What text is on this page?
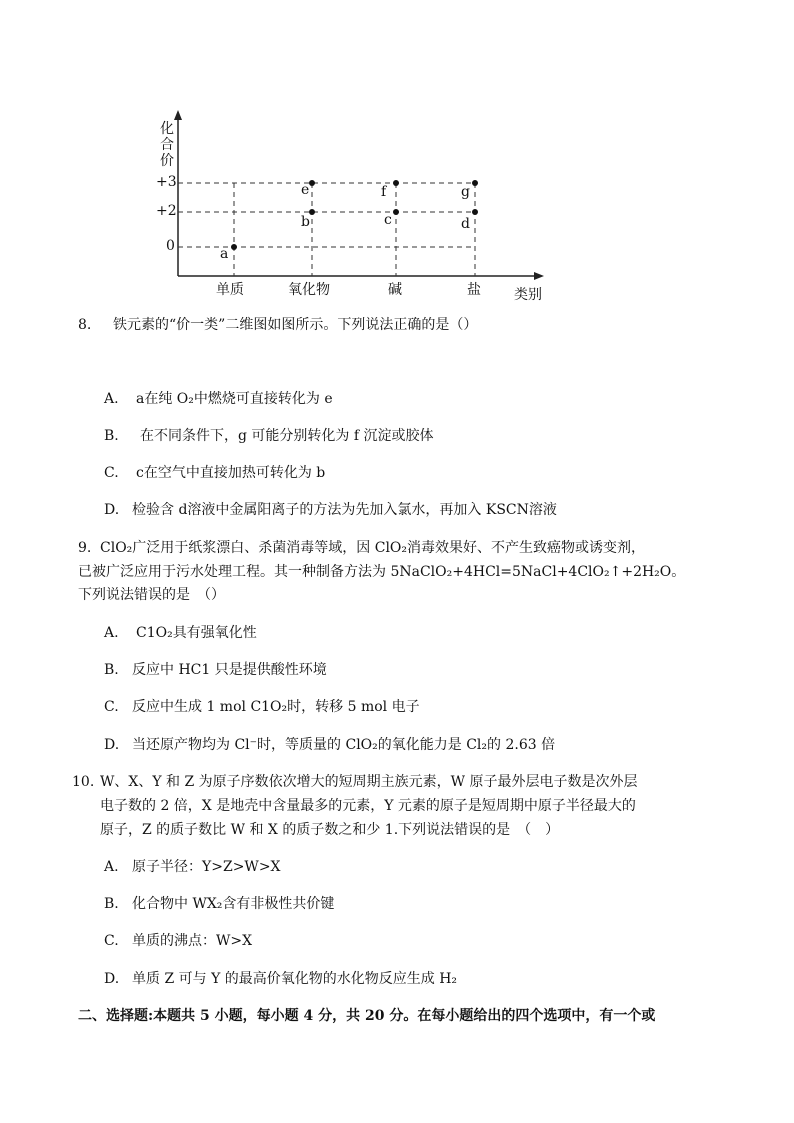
化
合
价
+3
+2
0	a
e
b
f
c
g
d
单质	氧化物	碱	盐 类别
8. 铁元素的“价一类”二维图如图所示。下列说法正确的是（）
A. a在纯 O₂中燃烧可直接转化为 e
B. 在不同条件下，g 可能分别转化为 f 沉淀或胶体
C. c在空气中直接加热可转化为 b
D. 检验含 d溶液中金属阳离子的方法为先加入氯水，再加入 KSCN溶液
9. ClO₂广泛用于纸浆漂白、杀菌消毒等域，因 ClO₂消毒效果好、不产生致癌物或诱变剂，
已被广泛应用于污水处理工程。其一种制备方法为 5NaClO₂+4HCl=5NaCl+4ClO₂↑+2H₂O。
下列说法错误的是　（）
A. C1O₂具有强氧化性
B. 反应中 HC1 只是提供酸性环境
C. 反应中生成 1 mol C1O₂时，转移 5 mol 电子
D. 当还原产物均为 Cl⁻时，等质量的 ClO₂的氧化能力是 Cl₂的 2.63 倍
10. W、X、Y 和 Z 为原子序数依次增大的短周期主族元素，W 原子最外层电子数是次外层
电子数的 2 倍，X 是地壳中含量最多的元素，Y 元素的原子是短周期中原子半径最大的
原子，Z 的质子数比 W 和 X 的质子数之和少 1.下列说法错误的是　（　）
A. 原子半径：Y>Z>W>X
B. 化合物中 WX₂含有非极性共价键
C. 单质的沸点：W>X
D. 单质 Z 可与 Y 的最高价氧化物的水化物反应生成 H₂
二、选择题:本题共 5 小题，每小题 4 分，共 20 分。在每小题给出的四个选项中，有一个或
